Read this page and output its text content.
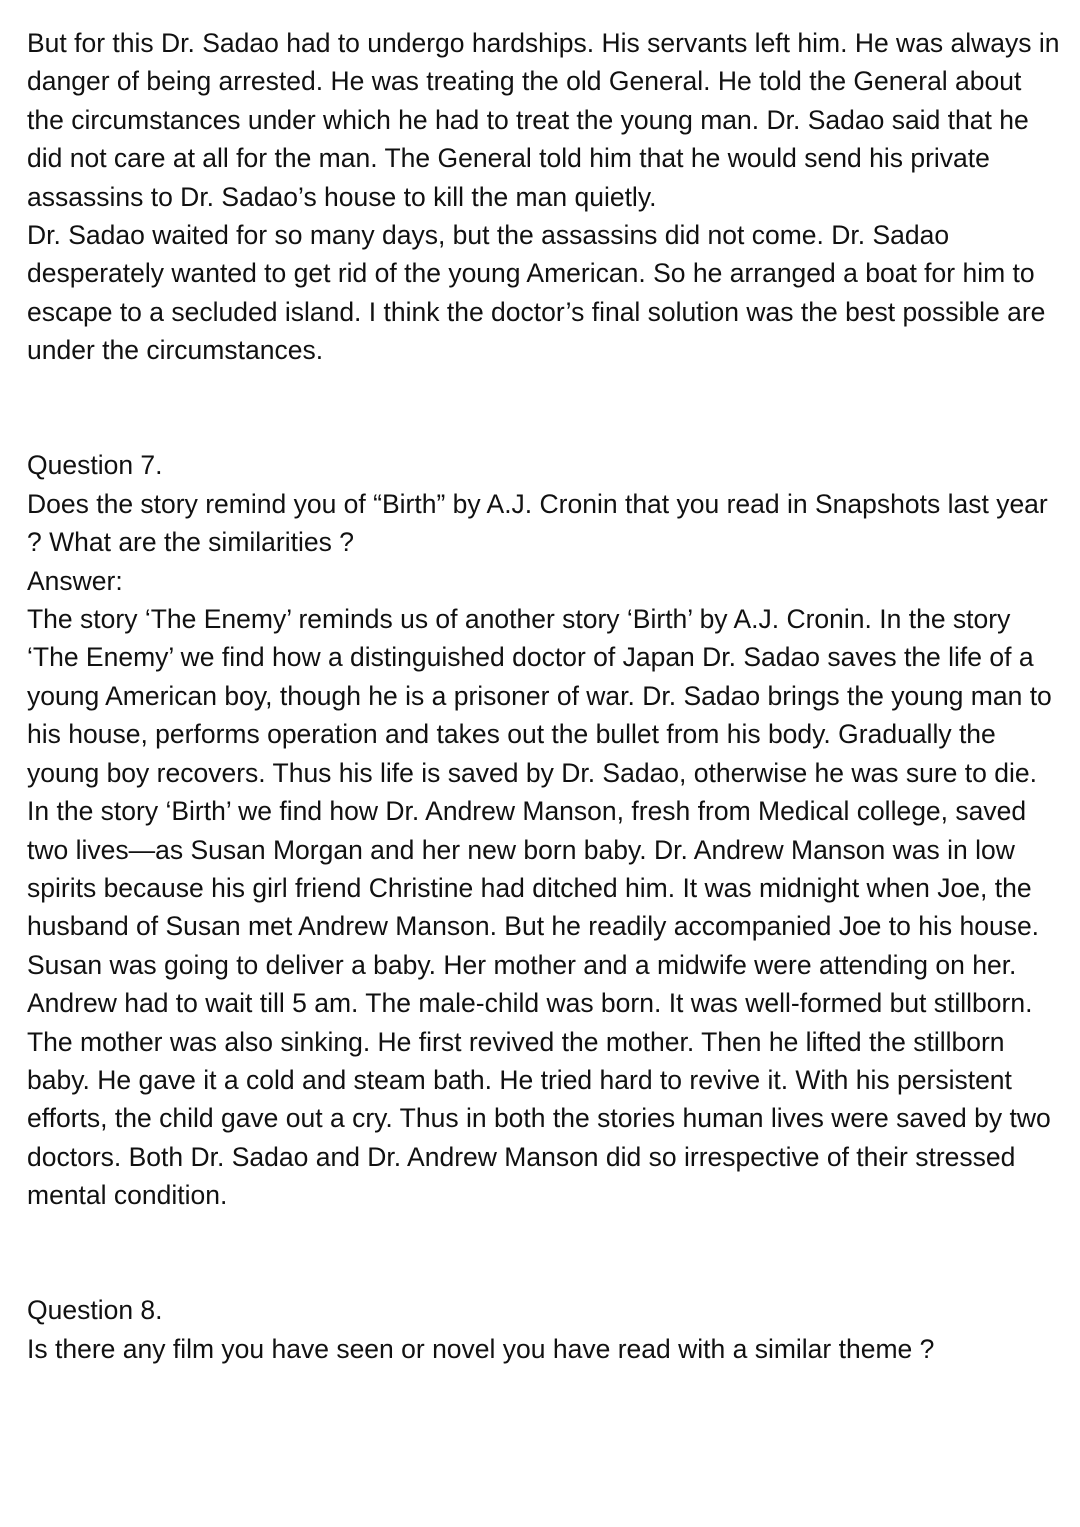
But for this Dr. Sadao had to undergo hardships. His servants left him. He was always in danger of being arrested. He was treating the old General. He told the General about the circumstances under which he had to treat the young man. Dr. Sadao said that he did not care at all for the man. The General told him that he would send his private assassins to Dr. Sadao’s house to kill the man quietly.

Dr. Sadao waited for so many days, but the assassins did not come. Dr. Sadao desperately wanted to get rid of the young American. So he arranged a boat for him to escape to a secluded island. I think the doctor’s final solution was the best possible are under the circumstances.

Question 7.

Does the story remind you of “Birth” by A.J. Cronin that you read in Snapshots last year ? What are the similarities ?

Answer:

The story ‘The Enemy’ reminds us of another story ‘Birth’ by A.J. Cronin. In the story ‘The Enemy’ we find how a distinguished doctor of Japan Dr. Sadao saves the life of a young American boy, though he is a prisoner of war. Dr. Sadao brings the young man to his house, performs operation and takes out the bullet from his body. Gradually the young boy recovers. Thus his life is saved by Dr. Sadao, otherwise he was sure to die.

In the story ‘Birth’ we find how Dr. Andrew Manson, fresh from Medical college, saved two lives—as Susan Morgan and her new born baby. Dr. Andrew Manson was in low spirits because his girl friend Christine had ditched him. It was midnight when Joe, the husband of Susan met Andrew Manson. But he readily accompanied Joe to his house. Susan was going to deliver a baby. Her mother and a midwife were attending on her.

Andrew had to wait till 5 am. The male-child was born. It was well-formed but stillborn. The mother was also sinking. He first revived the mother. Then he lifted the stillborn baby. He gave it a cold and steam bath. He tried hard to revive it. With his persistent efforts, the child gave out a cry. Thus in both the stories human lives were saved by two doctors. Both Dr. Sadao and Dr. Andrew Manson did so irrespective of their stressed mental condition.

Question 8.

Is there any film you have seen or novel you have read with a similar theme ?
